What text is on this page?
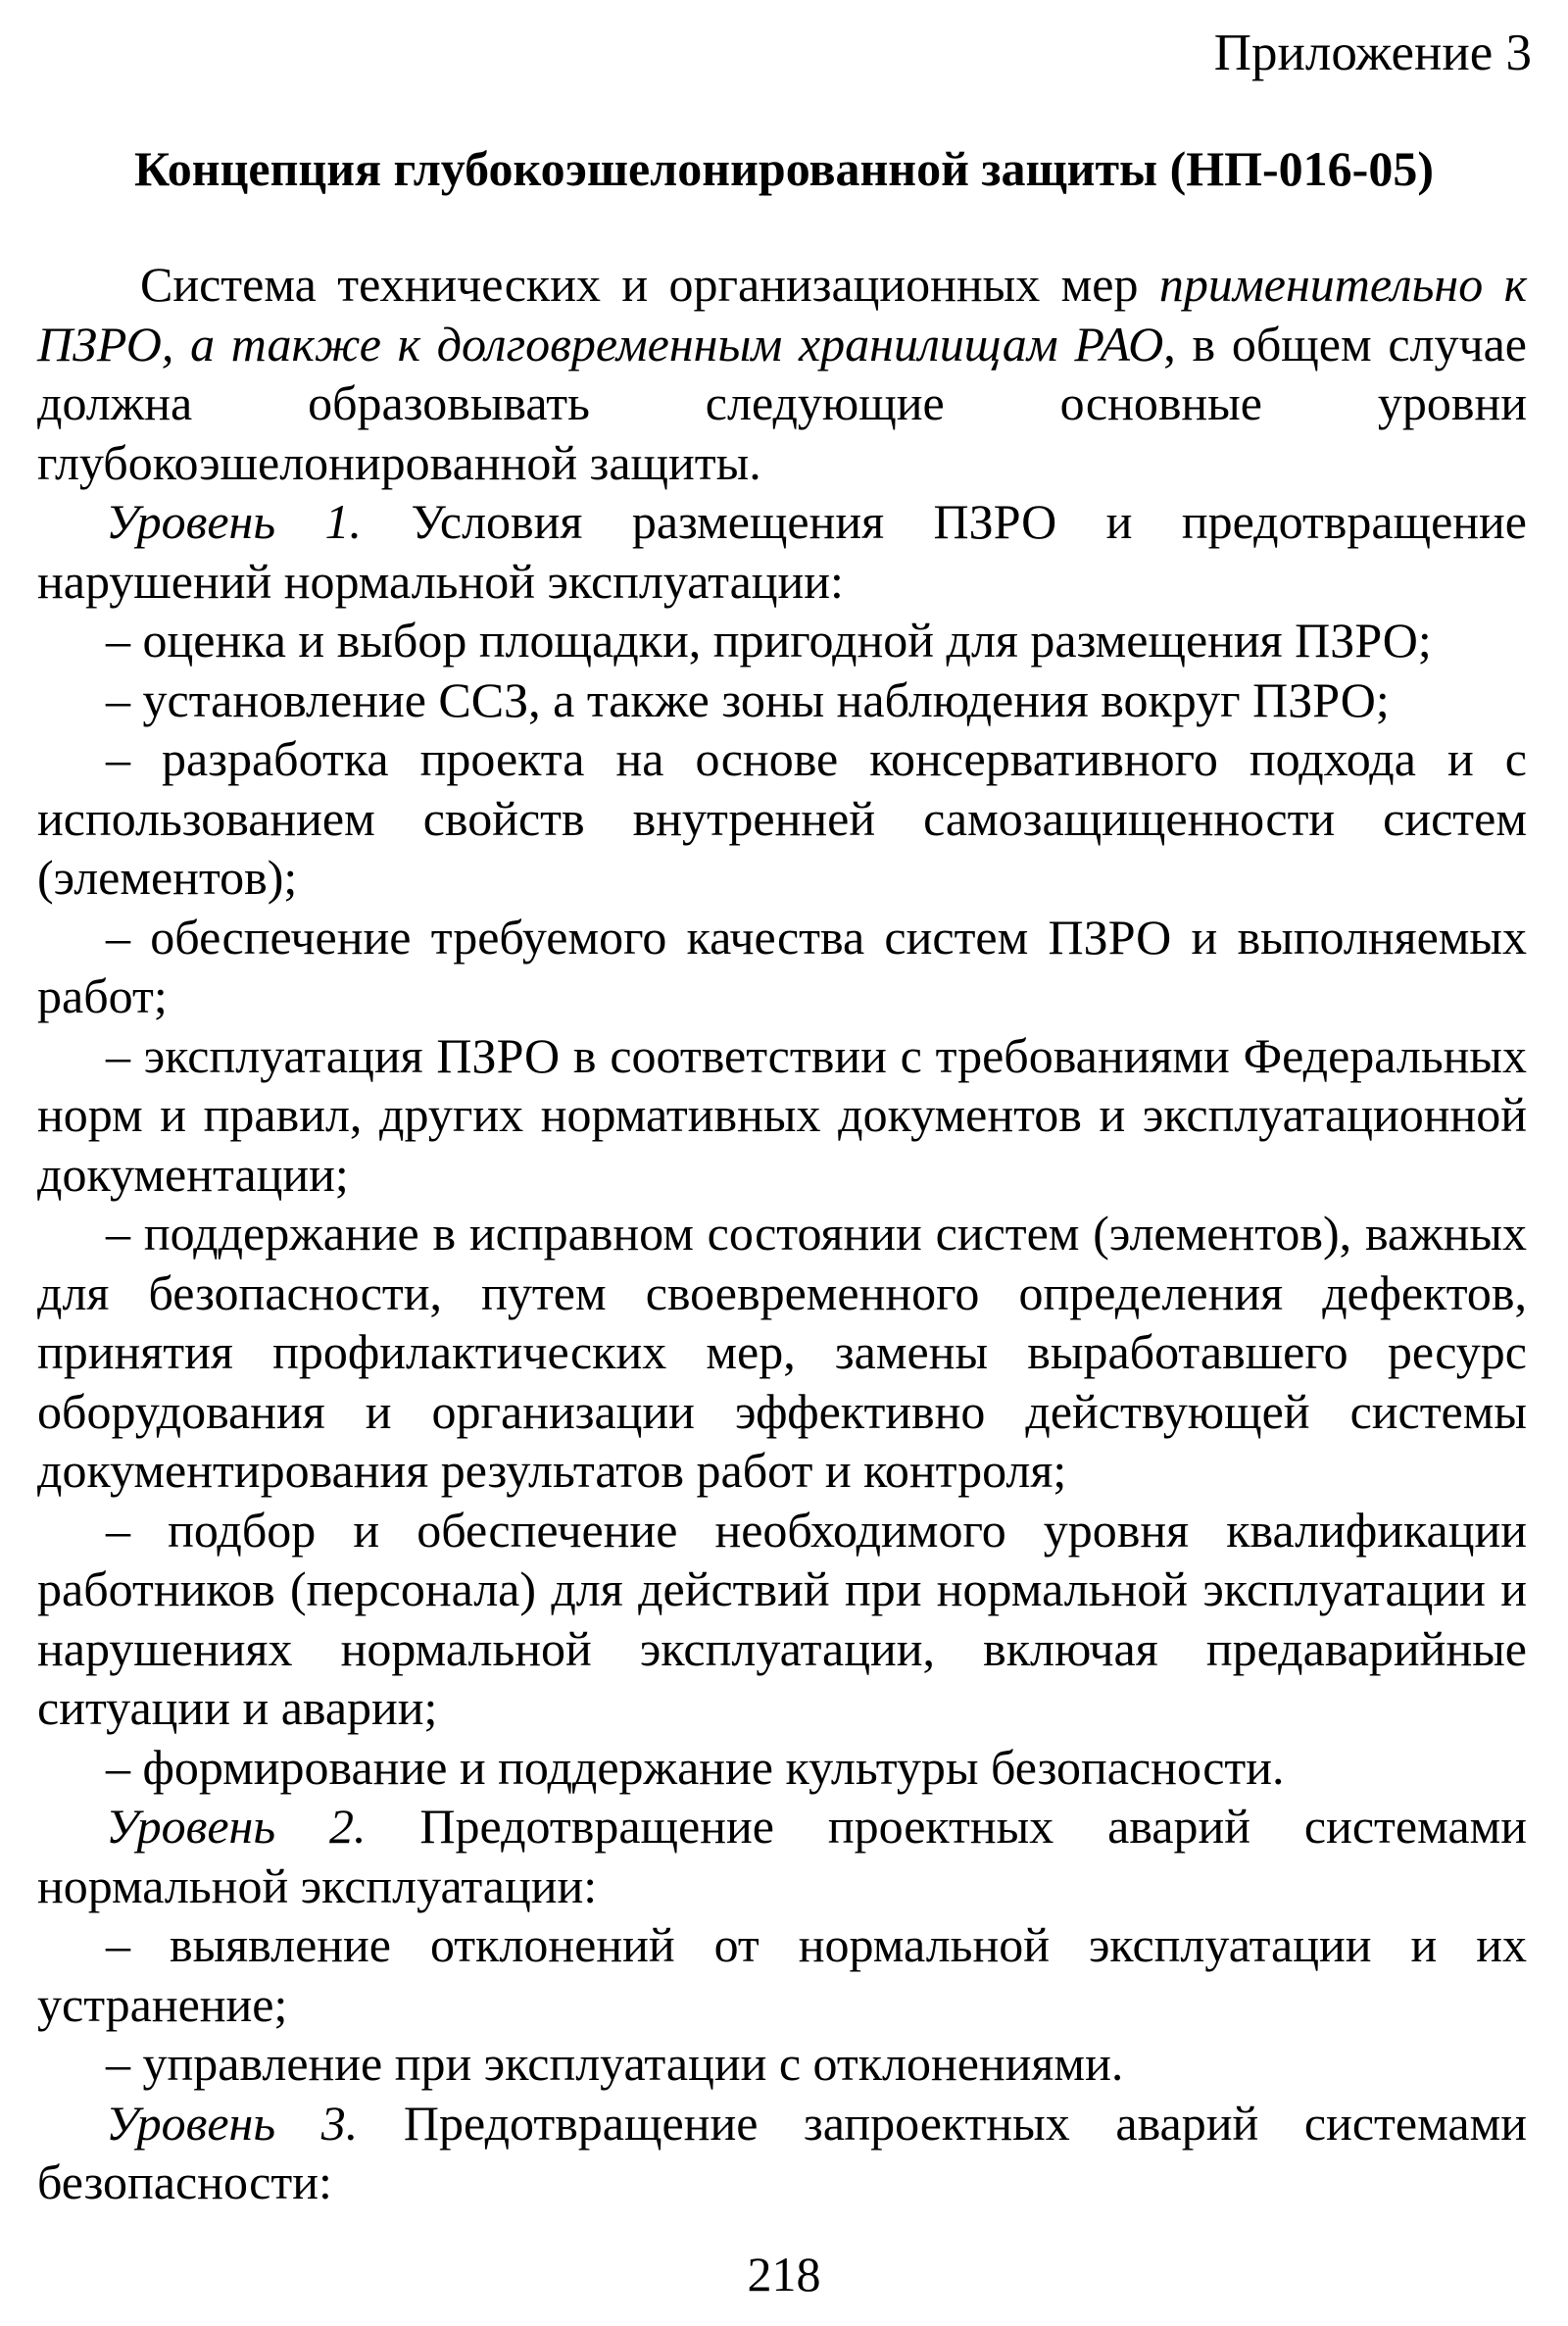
Приложение 3
Концепция глубокоэшелонированной защиты (НП-016-05)

Система технических и организационных мер применительно к ПЗРО, а также к долговременным хранилищам РАО, в общем случае должна образовывать следующие основные уровни глубокоэшелонированной защиты.

Уровень 1. Условия размещения ПЗРО и предотвращение нарушений нормальной эксплуатации:

– оценка и выбор площадки, пригодной для размещения ПЗРО;

– установление ССЗ, а также зоны наблюдения вокруг ПЗРО;

– разработка проекта на основе консервативного подхода и с использованием свойств внутренней самозащищенности систем (элементов);

– обеспечение требуемого качества систем ПЗРО и выполняемых работ;

– эксплуатация ПЗРО в соответствии с требованиями Федеральных норм и правил, других нормативных документов и эксплуатационной документации;

– поддержание в исправном состоянии систем (элементов), важных для безопасности, путем своевременного определения дефектов, принятия профилактических мер, замены выработавшего ресурс оборудования и организации эффективно действующей системы документирования результатов работ и контроля;

– подбор и обеспечение необходимого уровня квалификации работников (персонала) для действий при нормальной эксплуатации и нарушениях нормальной эксплуатации, включая предаварийные ситуации и аварии;

– формирование и поддержание культуры безопасности.

Уровень 2. Предотвращение проектных аварий системами нормальной эксплуатации:

– выявление отклонений от нормальной эксплуатации и их устранение;

– управление при эксплуатации с отклонениями.

Уровень 3. Предотвращение запроектных аварий системами безопасности:

218
